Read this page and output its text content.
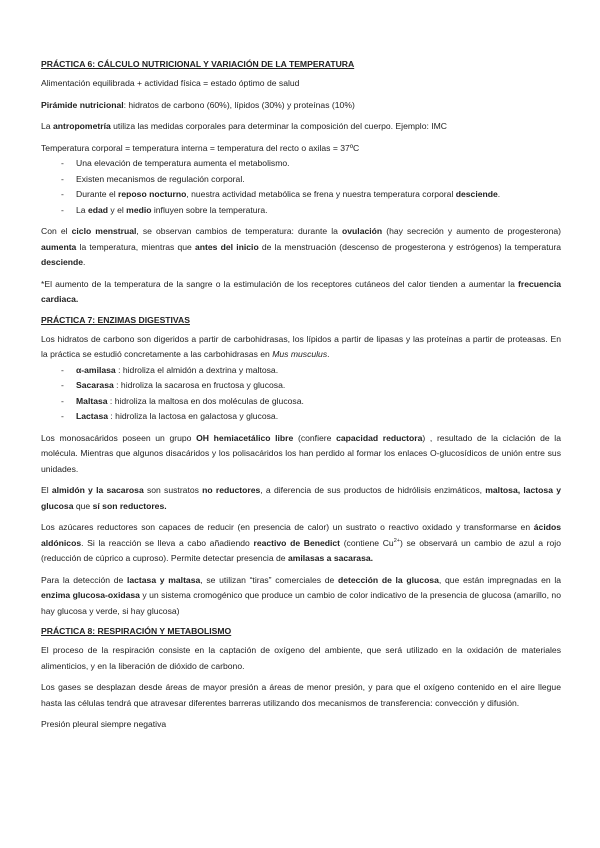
PRÁCTICA 6: CÁLCULO NUTRICIONAL Y VARIACIÓN DE LA TEMPERATURA

Alimentación equilibrada + actividad física = estado óptimo de salud

Pirámide nutricional: hidratos de carbono (60%), lípidos (30%) y proteínas (10%)

La antropometría utiliza las medidas corporales para determinar la composición del cuerpo. Ejemplo: IMC

Temperatura corporal = temperatura interna = temperatura del recto o axilas = 37ºC
- Una elevación de temperatura aumenta el metabolismo.
- Existen mecanismos de regulación corporal.
- Durante el reposo nocturno, nuestra actividad metabólica se frena y nuestra temperatura corporal desciende.
- La edad y el medio influyen sobre la temperatura.

Con el ciclo menstrual, se observan cambios de temperatura: durante la ovulación (hay secreción y aumento de progesterona) aumenta la temperatura, mientras que antes del inicio de la menstruación (descenso de progesterona y estrógenos) la temperatura desciende.

*El aumento de la temperatura de la sangre o la estimulación de los receptores cutáneos del calor tienden a aumentar la frecuencia cardiaca.

PRÁCTICA 7: ENZIMAS DIGESTIVAS
Los hidratos de carbono son digeridos a partir de carbohidrasas, los lípidos a partir de lipasas y las proteínas a partir de proteasas. En la práctica se estudió concretamente a las carbohidrasas en Mus musculus.
- α-amilasa : hidroliza el almidón a dextrina y maltosa.
- Sacarasa : hidroliza la sacarosa en fructosa y glucosa.
- Maltasa : hidroliza la maltosa en dos moléculas de glucosa.
- Lactasa : hidroliza la lactosa en galactosa y glucosa.

Los monosacáridos poseen un grupo OH hemiacetálico libre (confiere capacidad reductora) , resultado de la ciclación de la molécula. Mientras que algunos disacáridos y los polisacáridos los han perdido al formar los enlaces O-glucosídicos de unión entre sus unidades.

El almidón y la sacarosa son sustratos no reductores, a diferencia de sus productos de hidrólisis enzimáticos, maltosa, lactosa y glucosa que sí son reductores.

Los azúcares reductores son capaces de reducir (en presencia de calor) un sustrato o reactivo oxidado y transformarse en ácidos aldónicos. Si la reacción se lleva a cabo añadiendo reactivo de Benedict (contiene $Cu^{2+}$) se observará un cambio de azul a rojo (reducción de cúprico a cuproso). Permite detectar presencia de amilasas a sacarasa.

Para la detección de lactasa y maltasa, se utilizan “tiras” comerciales de detección de la glucosa, que están impregnadas en la enzima glucosa-oxidasa y un sistema cromogénico que produce un cambio de color indicativo de la presencia de glucosa (amarillo, no hay glucosa y verde, si hay glucosa)

PRÁCTICA 8: RESPIRACIÓN Y METABOLISMO

El proceso de la respiración consiste en la captación de oxígeno del ambiente, que será utilizado en la oxidación de materiales alimenticios, y en la liberación de dióxido de carbono.

Los gases se desplazan desde áreas de mayor presión a áreas de menor presión, y para que el oxígeno contenido en el aire llegue hasta las células tendrá que atravesar diferentes barreras utilizando dos mecanismos de transferencia: convección y difusión.

Presión pleural siempre negativa
